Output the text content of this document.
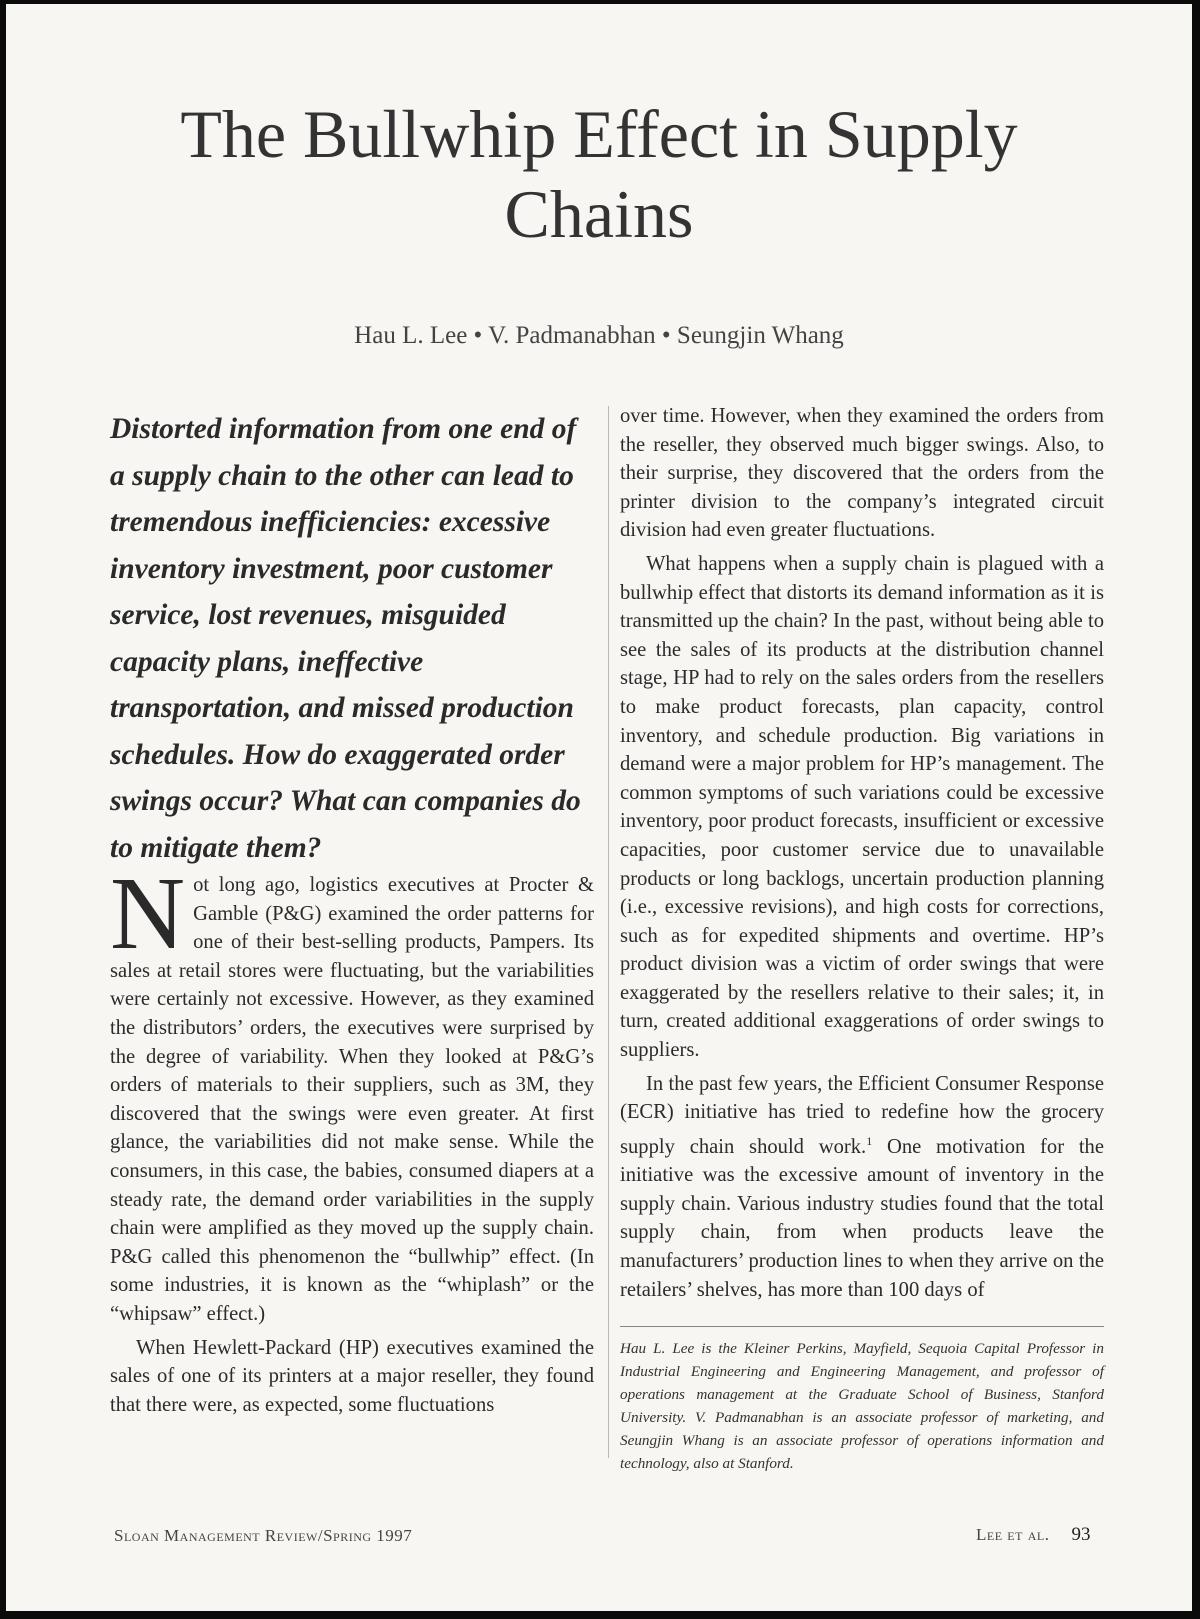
The Bullwhip Effect in Supply
Chains
Hau L. Lee • V. Padmanabhan • Seungjin Whang

Distorted information from one end of a supply chain to the other can lead to tremendous inefficiencies: excessive inventory investment, poor customer service, lost revenues, misguided capacity plans, ineffective transportation, and missed production schedules. How do exaggerated order swings occur? What can companies do to mitigate them?

Not long ago, logistics executives at Procter & Gamble (P&G) examined the order patterns for one of their best-selling products, Pampers. Its sales at retail stores were fluctuating, but the variabilities were certainly not excessive. However, as they examined the distributors’ orders, the executives were surprised by the degree of variability. When they looked at P&G’s orders of materials to their suppliers, such as 3M, they discovered that the swings were even greater. At first glance, the variabilities did not make sense. While the consumers, in this case, the babies, consumed diapers at a steady rate, the demand order variabilities in the supply chain were amplified as they moved up the supply chain. P&G called this phenomenon the “bullwhip” effect. (In some industries, it is known as the “whiplash” or the “whipsaw” effect.)

When Hewlett-Packard (HP) executives examined the sales of one of its printers at a major reseller, they found that there were, as expected, some fluctuations

over time. However, when they examined the orders from the reseller, they observed much bigger swings. Also, to their surprise, they discovered that the orders from the printer division to the company’s integrated circuit division had even greater fluctuations.

What happens when a supply chain is plagued with a bullwhip effect that distorts its demand information as it is transmitted up the chain? In the past, without being able to see the sales of its products at the distribution channel stage, HP had to rely on the sales orders from the resellers to make product forecasts, plan capacity, control inventory, and schedule production. Big variations in demand were a major problem for HP’s management. The common symptoms of such variations could be excessive inventory, poor product forecasts, insufficient or excessive capacities, poor customer service due to unavailable products or long backlogs, uncertain production planning (i.e., excessive revisions), and high costs for corrections, such as for expedited shipments and overtime. HP’s product division was a victim of order swings that were exaggerated by the resellers relative to their sales; it, in turn, created additional exaggerations of order swings to suppliers.

In the past few years, the Efficient Consumer Response (ECR) initiative has tried to redefine how the grocery supply chain should work.$^1$ One motivation for the initiative was the excessive amount of inventory in the supply chain. Various industry studies found that the total supply chain, from when products leave the manufacturers’ production lines to when they arrive on the retailers’ shelves, has more than 100 days of

Hau L. Lee is the Kleiner Perkins, Mayfield, Sequoia Capital Professor in Industrial Engineering and Engineering Management, and professor of operations management at the Graduate School of Business, Stanford University. V. Padmanabhan is an associate professor of marketing, and Seungjin Whang is an associate professor of operations information and technology, also at Stanford.

Sloan Management Review/Spring 1997	Lee et al. 93
